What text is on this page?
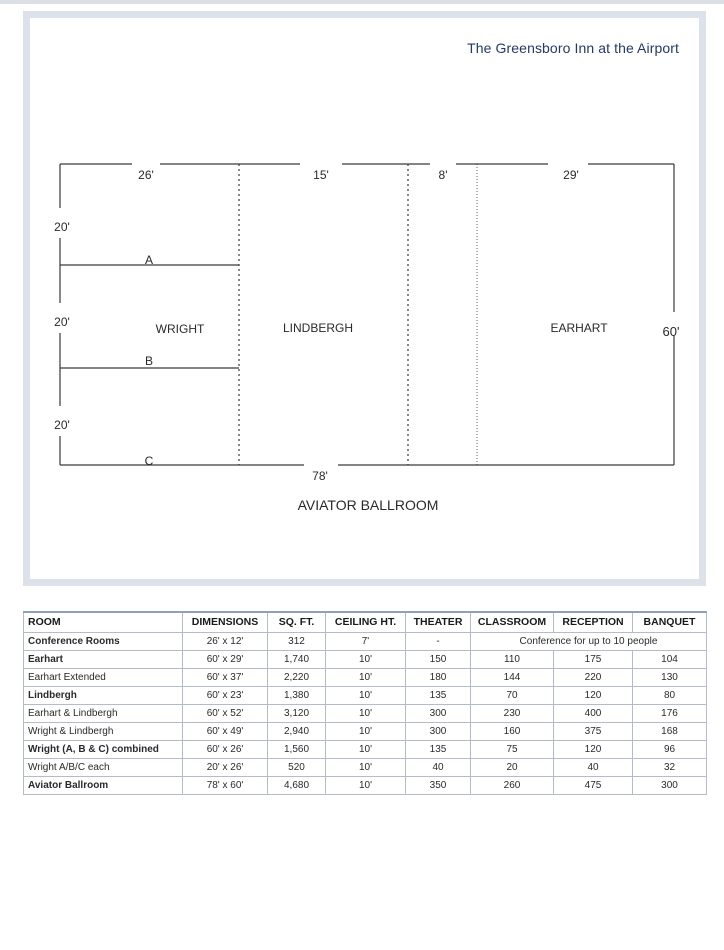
The Greensboro Inn at the Airport
26'	15'	8'	29'
20'
20'
20'
60'
78'
A
B
C
WRIGHT	LINDBERGH	EARHART
AVIATOR BALLROOM
ROOM	DIMENSIONS	SQ. FT.	CEILING HT.	THEATER	CLASSROOM	RECEPTION	BANQUET
Conference Rooms	26' x 12'	312	7'	-	Conference for up to 10 people		
Earhart	60' x 29'	1,740	10'	150	110	175	104
Earhart Extended	60' x 37'	2,220	10'	180	144	220	130
Lindbergh	60' x 23'	1,380	10'	135	70	120	80
Earhart & Lindbergh	60' x 52'	3,120	10'	300	230	400	176
Wright & Lindbergh	60' x 49'	2,940	10'	300	160	375	168
Wright (A, B & C) combined	60' x 26'	1,560	10'	135	75	120	96
Wright A/B/C each	20' x 26'	520	10'	40	20	40	32
Aviator Ballroom	78' x 60'	4,680	10'	350	260	475	300
